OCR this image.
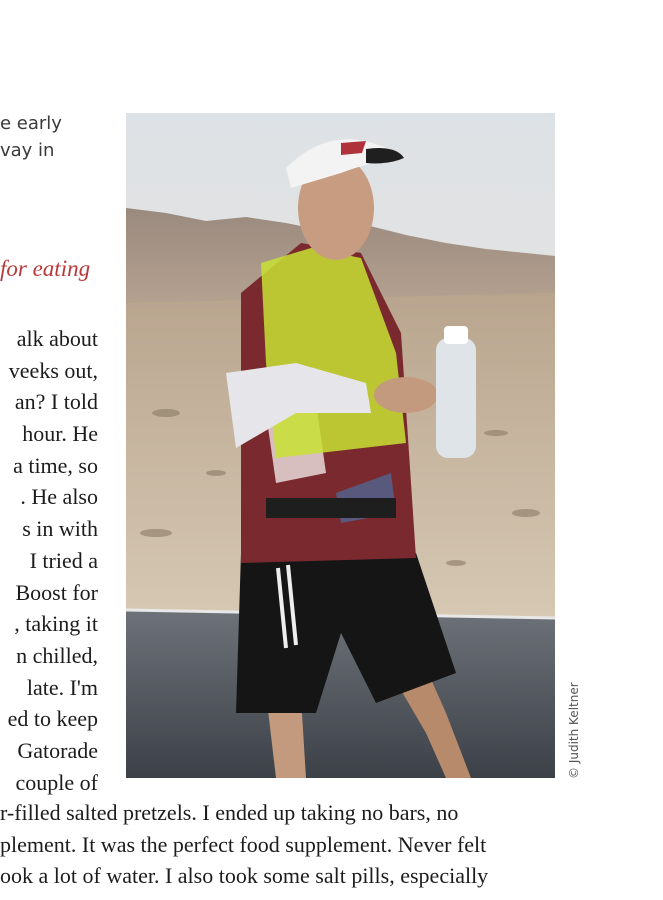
e early
vay in
for eating
alk about
veeks out,
an? I told
hour. He
a time, so
. He also
s in with
I tried a
Boost for
, taking it
n chilled,
late. I'm
ed to keep
Gatorade
couple of
© Judith Keltner
r-filled salted pretzels. I ended up taking no bars, no
plement. It was the perfect food supplement. Never felt
ook a lot of water. I also took some salt pills, especially
